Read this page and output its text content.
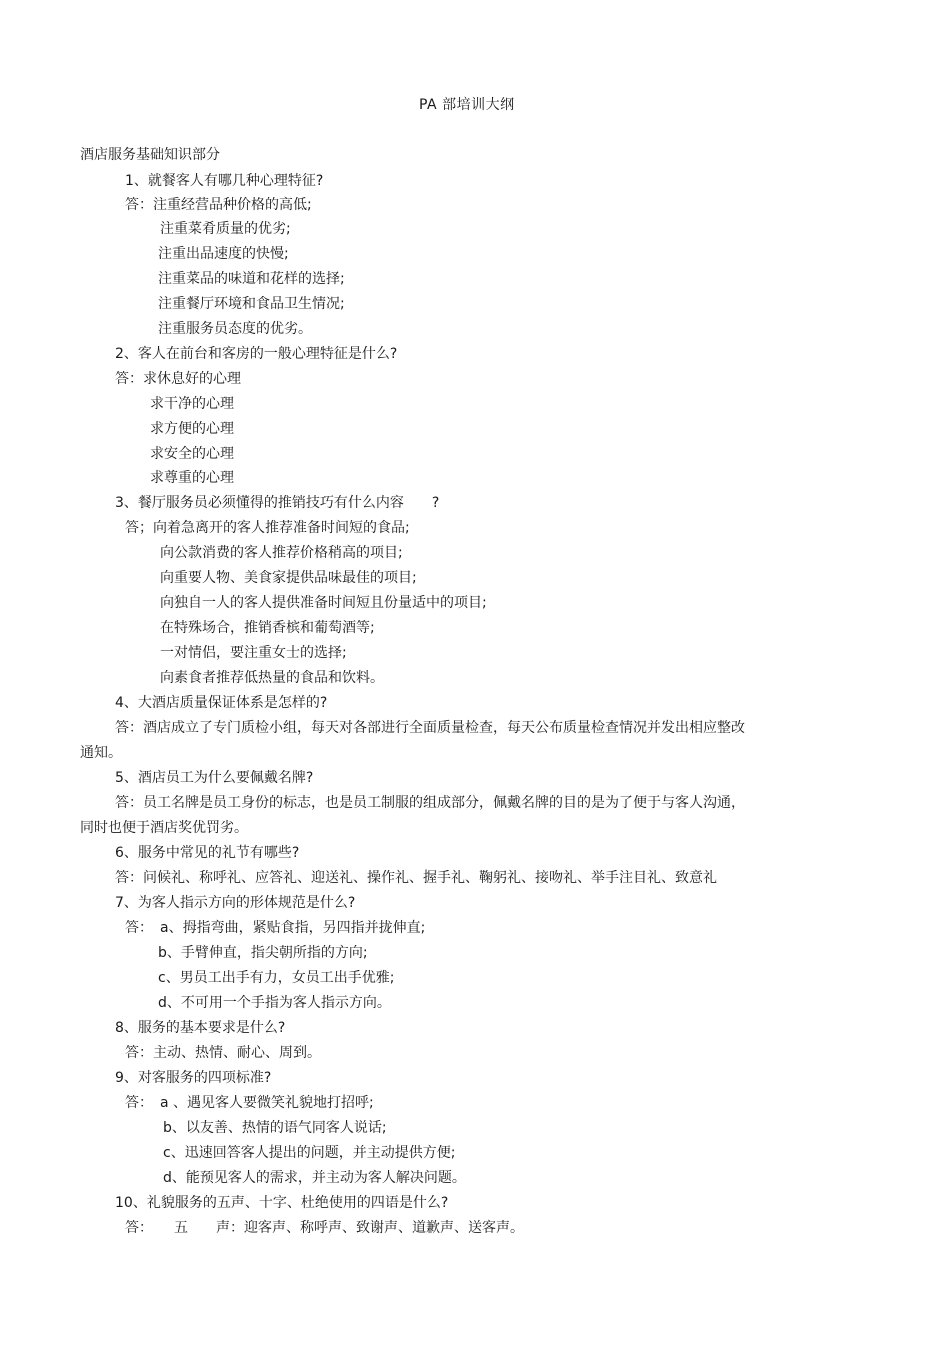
PA 部培训大纲
酒店服务基础知识部分
1、就餐客人有哪几种心理特征?
答：注重经营品种价格的高低;
注重菜肴质量的优劣;
注重出品速度的快慢;
注重菜品的味道和花样的选择;
注重餐厅环境和食品卫生情况;
注重服务员态度的优劣。
2、客人在前台和客房的一般心理特征是什么?
答：求休息好的心理
求干净的心理
求方便的心理
求安全的心理
求尊重的心理
3、餐厅服务员必须懂得的推销技巧有什么内容　　?
答；向着急离开的客人推荐准备时间短的食品;
向公款消费的客人推荐价格稍高的项目;
向重要人物、美食家提供品味最佳的项目;
向独自一人的客人提供准备时间短且份量适中的项目;
在特殊场合，推销香槟和葡萄酒等;
一对情侣，要注重女士的选择;
向素食者推荐低热量的食品和饮料。
4、大酒店质量保证体系是怎样的?
答：酒店成立了专门质检小组，每天对各部进行全面质量检查，每天公布质量检查情况并发出相应整改
通知。
5、酒店员工为什么要佩戴名牌?
答：员工名牌是员工身份的标志，也是员工制服的组成部分，佩戴名牌的目的是为了便于与客人沟通，
同时也便于酒店奖优罚劣。
6、服务中常见的礼节有哪些?
答：问候礼、称呼礼、应答礼、迎送礼、操作礼、握手礼、鞠躬礼、接吻礼、举手注目礼、致意礼
7、为客人指示方向的形体规范是什么?
答：　a、拇指弯曲，紧贴食指，另四指并拢伸直;
b、手臂伸直，指尖朝所指的方向;
c、男员工出手有力，女员工出手优雅;
d、不可用一个手指为客人指示方向。
8、服务的基本要求是什么?
答：主动、热情、耐心、周到。
9、对客服务的四项标准?
答：　a 、遇见客人要微笑礼貌地打招呼;
b、以友善、热情的语气同客人说话;
c、迅速回答客人提出的问题，并主动提供方便;
d、能预见客人的需求，并主动为客人解决问题。
10、礼貌服务的五声、十字、杜绝使用的四语是什么?
答：　　五　　声：迎客声、称呼声、致谢声、道歉声、送客声。
